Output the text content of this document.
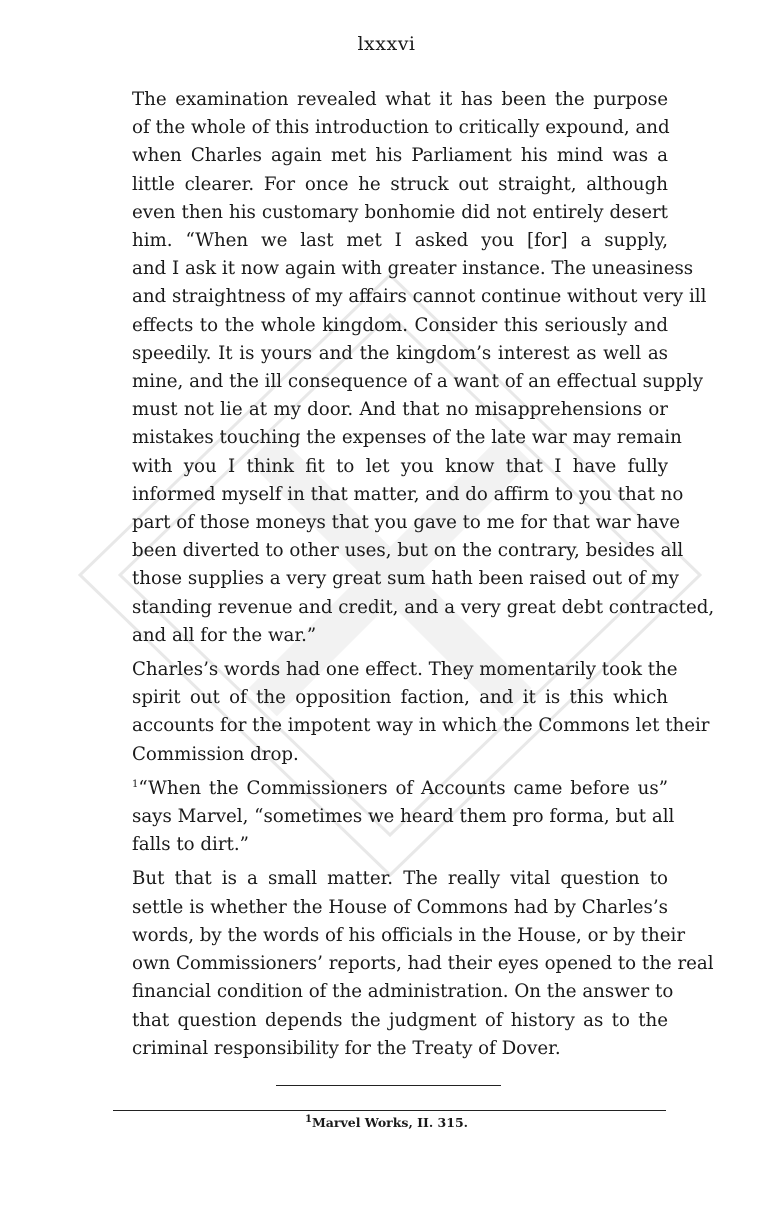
lxxxvi

The examination revealed what it has been the purpose
of the whole of this introduction to critically expound, and
when Charles again met his Parliament his mind was a
little clearer. For once he struck out straight, although
even then his customary bonhomie did not entirely desert
him. “When we last met I asked you [for] a supply,
and I ask it now again with greater instance. The uneasiness
and straightness of my affairs cannot continue without very ill
effects to the whole kingdom. Consider this seriously and
speedily. It is yours and the kingdom’s interest as well as
mine, and the ill consequence of a want of an effectual supply
must not lie at my door. And that no misapprehensions or
mistakes touching the expenses of the late war may remain
with you I think fit to let you know that I have fully
informed myself in that matter, and do affirm to you that no
part of those moneys that you gave to me for that war have
been diverted to other uses, but on the contrary, besides all
those supplies a very great sum hath been raised out of my
standing revenue and credit, and a very great debt contracted,
and all for the war.”

Charles’s words had one effect. They momentarily took the
spirit out of the opposition faction, and it is this which
accounts for the impotent way in which the Commons let their
Commission drop.

$^1$“When the Commissioners of Accounts came before us”
says Marvel, “sometimes we heard them pro forma, but all
falls to dirt.”

But that is a small matter. The really vital question to
settle is whether the House of Commons had by Charles’s
words, by the words of his officials in the House, or by their
own Commissioners’ reports, had their eyes opened to the real
financial condition of the administration. On the answer to
that question depends the judgment of history as to the
criminal responsibility for the Treaty of Dover.

$^1$Marvel Works, II. 315.
